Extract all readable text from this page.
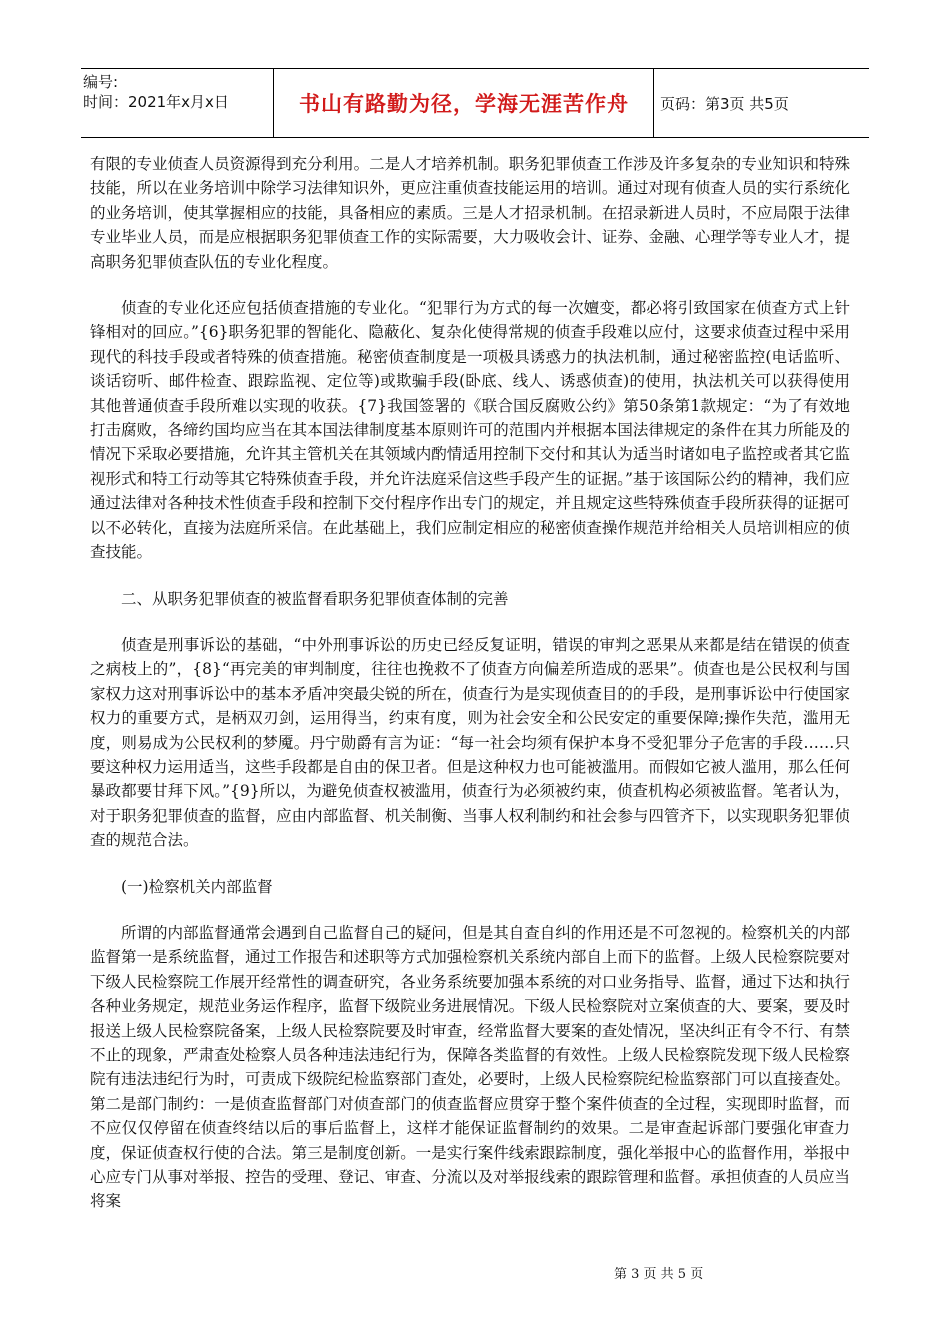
编号:
时间：2021年x月x日	书山有路勤为径，学海无涯苦作舟	页码：第3页 共5页

有限的专业侦查人员资源得到充分利用。二是人才培养机制。职务犯罪侦查工作涉及许多复杂的专业知识和特殊技能，所以在业务培训中除学习法律知识外，更应注重侦查技能运用的培训。通过对现有侦查人员的实行系统化的业务培训，使其掌握相应的技能，具备相应的素质。三是人才招录机制。在招录新进人员时，不应局限于法律专业毕业人员，而是应根据职务犯罪侦查工作的实际需要，大力吸收会计、证券、金融、心理学等专业人才，提高职务犯罪侦查队伍的专业化程度。

侦查的专业化还应包括侦查措施的专业化。“犯罪行为方式的每一次嬗变，都必将引致国家在侦查方式上针锋相对的回应。”{6}职务犯罪的智能化、隐蔽化、复杂化使得常规的侦查手段难以应付，这要求侦查过程中采用现代的科技手段或者特殊的侦查措施。秘密侦查制度是一项极具诱惑力的执法机制，通过秘密监控(电话监听、谈话窃听、邮件检查、跟踪监视、定位等)或欺骗手段(卧底、线人、诱惑侦查)的使用，执法机关可以获得使用其他普通侦查手段所难以实现的收获。{7}我国签署的《联合国反腐败公约》第50条第1款规定：“为了有效地打击腐败，各缔约国均应当在其本国法律制度基本原则许可的范围内并根据本国法律规定的条件在其力所能及的情况下采取必要措施，允许其主管机关在其领域内酌情适用控制下交付和其认为适当时诸如电子监控或者其它监视形式和特工行动等其它特殊侦查手段，并允许法庭采信这些手段产生的证据。”基于该国际公约的精神，我们应通过法律对各种技术性侦查手段和控制下交付程序作出专门的规定，并且规定这些特殊侦查手段所获得的证据可以不必转化，直接为法庭所采信。在此基础上，我们应制定相应的秘密侦查操作规范并给相关人员培训相应的侦查技能。

二、从职务犯罪侦查的被监督看职务犯罪侦查体制的完善

侦查是刑事诉讼的基础，“中外刑事诉讼的历史已经反复证明，错误的审判之恶果从来都是结在错误的侦查之病枝上的”，{8}“再完美的审判制度，往往也挽救不了侦查方向偏差所造成的恶果”。侦查也是公民权利与国家权力这对刑事诉讼中的基本矛盾冲突最尖锐的所在，侦查行为是实现侦查目的的手段，是刑事诉讼中行使国家权力的重要方式，是柄双刃剑，运用得当，约束有度，则为社会安全和公民安定的重要保障;操作失范，滥用无度，则易成为公民权利的梦魇。丹宁勋爵有言为证：“每一社会均须有保护本身不受犯罪分子危害的手段……只要这种权力运用适当，这些手段都是自由的保卫者。但是这种权力也可能被滥用。而假如它被人滥用，那么任何暴政都要甘拜下风。”{9}所以，为避免侦查权被滥用，侦查行为必须被约束，侦查机构必须被监督。笔者认为，对于职务犯罪侦查的监督，应由内部监督、机关制衡、当事人权利制约和社会参与四管齐下，以实现职务犯罪侦查的规范合法。

(一)检察机关内部监督

所谓的内部监督通常会遇到自己监督自己的疑问，但是其自查自纠的作用还是不可忽视的。检察机关的内部监督第一是系统监督，通过工作报告和述职等方式加强检察机关系统内部自上而下的监督。上级人民检察院要对下级人民检察院工作展开经常性的调查研究，各业务系统要加强本系统的对口业务指导、监督，通过下达和执行各种业务规定，规范业务运作程序，监督下级院业务进展情况。下级人民检察院对立案侦查的大、要案，要及时报送上级人民检察院备案，上级人民检察院要及时审查，经常监督大要案的查处情况，坚决纠正有令不行、有禁不止的现象，严肃查处检察人员各种违法违纪行为，保障各类监督的有效性。上级人民检察院发现下级人民检察院有违法违纪行为时，可责成下级院纪检监察部门查处，必要时，上级人民检察院纪检监察部门可以直接查处。第二是部门制约：一是侦查监督部门对侦查部门的侦查监督应贯穿于整个案件侦查的全过程，实现即时监督，而不应仅仅停留在侦查终结以后的事后监督上，这样才能保证监督制约的效果。二是审查起诉部门要强化审查力度，保证侦查权行使的合法。第三是制度创新。一是实行案件线索跟踪制度，强化举报中心的监督作用，举报中心应专门从事对举报、控告的受理、登记、审查、分流以及对举报线索的跟踪管理和监督。承担侦查的人员应当将案

第 3 页 共 5 页
